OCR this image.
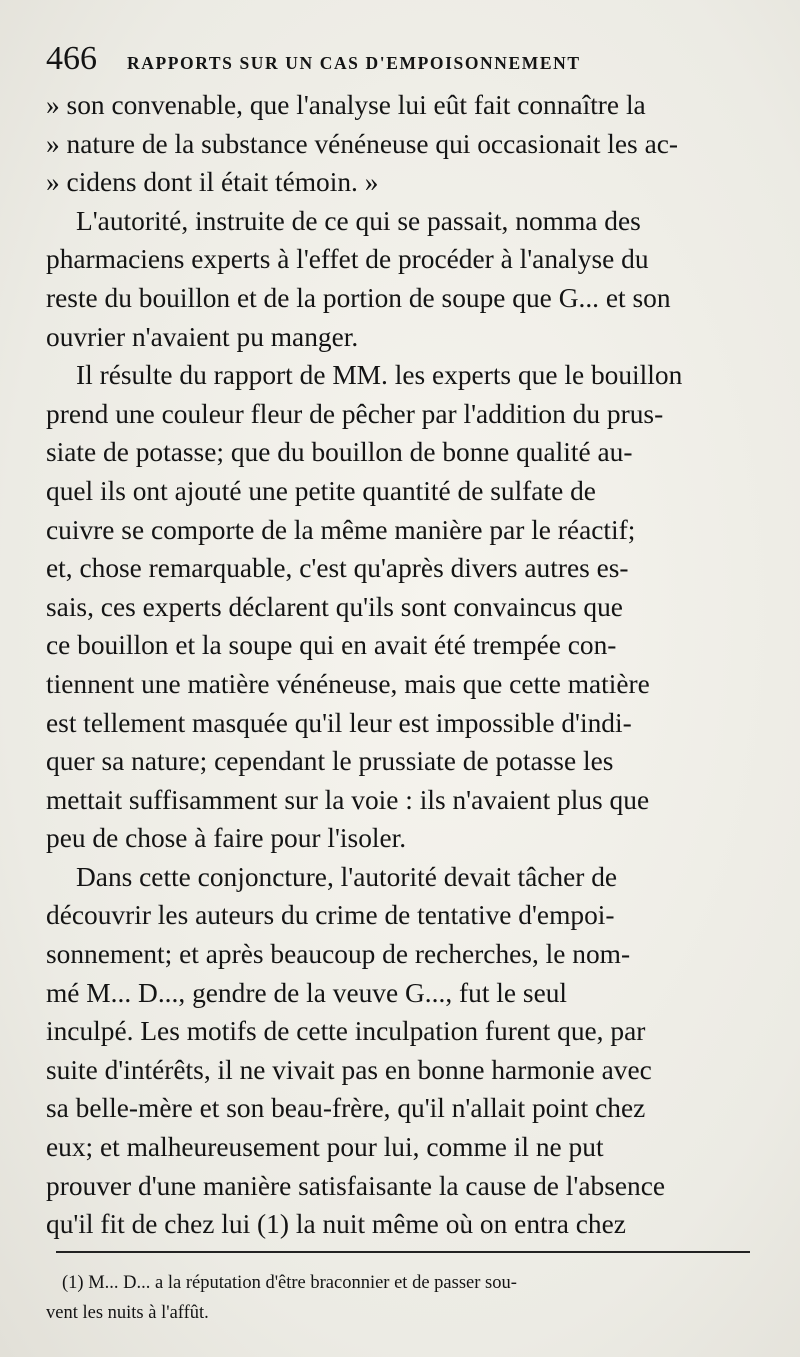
466 RAPPORTS SUR UN CAS D'EMPOISONNEMENT

» son convenable, que l'analyse lui eût fait connaître la
» nature de la substance vénéneuse qui occasionait les ac-
» cidens dont il était témoin. »

L'autorité, instruite de ce qui se passait, nomma des
pharmaciens experts à l'effet de procéder à l'analyse du
reste du bouillon et de la portion de soupe que G... et son
ouvrier n'avaient pu manger.

Il résulte du rapport de MM. les experts que le bouillon
prend une couleur fleur de pêcher par l'addition du prus-
siate de potasse; que du bouillon de bonne qualité au-
quel ils ont ajouté une petite quantité de sulfate de
cuivre se comporte de la même manière par le réactif;
et, chose remarquable, c'est qu'après divers autres es-
sais, ces experts déclarent qu'ils sont convaincus que
ce bouillon et la soupe qui en avait été trempée con-
tiennent une matière vénéneuse, mais que cette matière
est tellement masquée qu'il leur est impossible d'indi-
quer sa nature; cependant le prussiate de potasse les
mettait suffisamment sur la voie : ils n'avaient plus que
peu de chose à faire pour l'isoler.

Dans cette conjoncture, l'autorité devait tâcher de
découvrir les auteurs du crime de tentative d'empoi-
sonnement; et après beaucoup de recherches, le nom-
mé M... D..., gendre de la veuve G..., fut le seul
inculpé. Les motifs de cette inculpation furent que, par
suite d'intérêts, il ne vivait pas en bonne harmonie avec
sa belle-mère et son beau-frère, qu'il n'allait point chez
eux; et malheureusement pour lui, comme il ne put
prouver d'une manière satisfaisante la cause de l'absence
qu'il fit de chez lui (1) la nuit même où on entra chez

(1) M... D... a la réputation d'être braconnier et de passer sou-
vent les nuits à l'affût.
